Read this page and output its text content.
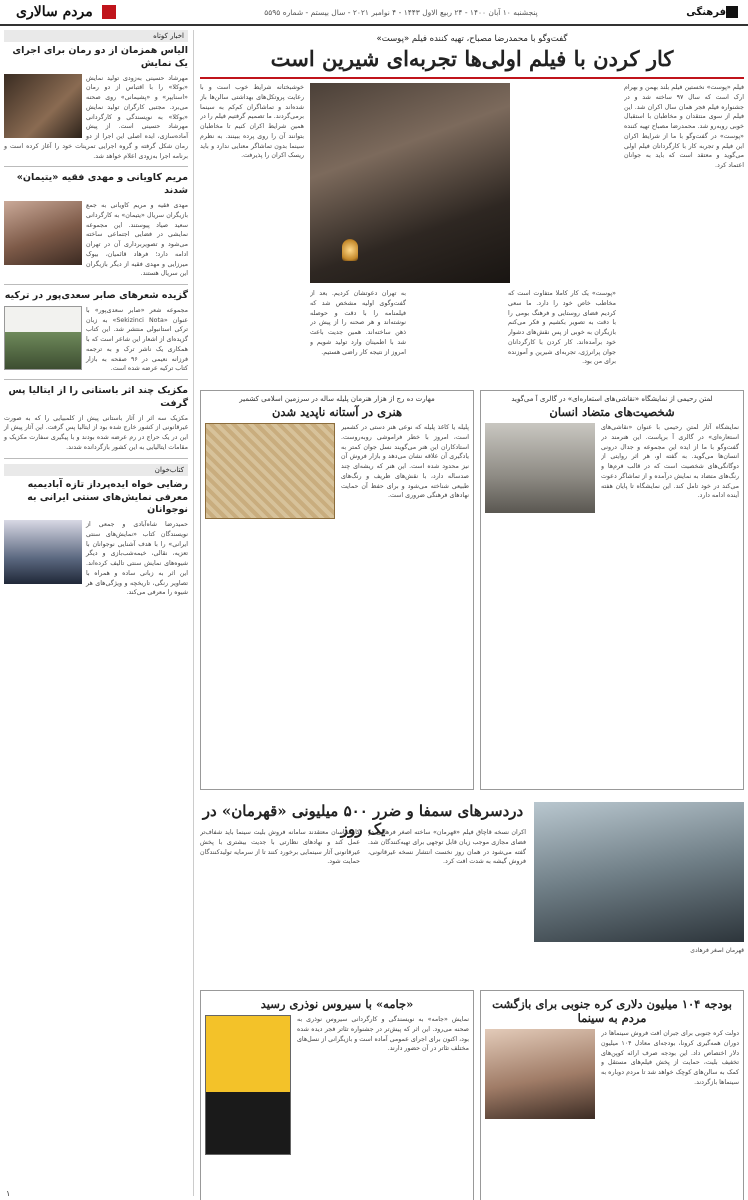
فرهنگی
پنجشنبه ۱۰ آبان ۱۴۰۰ - ۲۴ ربیع الاول ۱۴۴۳ - ۴ نوامبر ۲۰۲۱ - سال بیستم - شماره ۵۵۹۵
مردم سالاری
اخبار کوتاه
الیاس همزمان از دو رمان برای اجرای یک نمایش
مهرشاد حسینی به‌زودی تولید نمایش «بوکلا» را با اقتباس از دو رمان «اسنایپر» و «پشیمانی» روی صحنه می‌برد. مجتبی کارگران تولید نمایش «بوکلا» به نویسندگی و کارگردانی مهرشاد حسینی است. از پیش آماده‌سازی، ایده اصلی این اجرا از دو رمان شکل گرفته و گروه اجرایی تمرینات خود را آغاز کرده است و برنامه اجرا به‌زودی اعلام خواهد شد.
مریم کاویانی و مهدی فقیه «یتیمان» شدند
مهدی فقیه و مریم کاویانی به جمع بازیگران سریال «یتیمان» به کارگردانی سعید صیاد پیوستند. این مجموعه نمایشی در فضایی اجتماعی ساخته می‌شود و تصویربرداری آن در تهران ادامه دارد؛ فرهاد قائمیان، بیوک میرزایی و مهدی فقیه از دیگر بازیگران این سریال هستند.
گزیده شعرهای صابر سعدی‌پور در ترکیه
مجموعه شعر «صابر سعدی‌پور» با عنوان «Sekizinci Nota» به زبان ترکی استانبولی منتشر شد. این کتاب گزیده‌ای از اشعار این شاعر است که با همکاری یک ناشر ترک و به ترجمه فرزانه نعیمی در ۹۶ صفحه به بازار کتاب ترکیه عرضه شده است.
مکزیک چند اثر باستانی را از ایتالیا پس گرفت
مکزیک سه اثر از آثار باستانی پیش از کلمبیایی را که به صورت غیرقانونی از کشور خارج شده بود از ایتالیا پس گرفت. این آثار پیش از این در یک حراج در رم عرضه شده بودند و با پیگیری سفارت مکزیک و مقامات ایتالیایی به این کشور بازگردانده شدند.
کتاب‌خوان
رضایی خواه ایده‌پرداز تازه آبادیمیه معرفی نمایش‌های سنتی ایرانی به نوجوانان
حمیدرضا شاه‌آبادی و جمعی از نویسندگان کتاب «نمایش‌های سنتی ایرانی» را با هدف آشنایی نوجوانان با تعزیه، نقالی، خیمه‌شب‌بازی و دیگر شیوه‌های نمایش سنتی تالیف کرده‌اند. این اثر به زبانی ساده و همراه با تصاویر رنگی، تاریخچه و ویژگی‌های هر شیوه را معرفی می‌کند.
گفت‌وگو با محمدرضا مصباح، تهیه کننده فیلم «پوست»
کار کردن با فیلم اولی‌ها تجربه‌ای شیرین است
فیلم «پوست» نخستین فیلم بلند بهمن و بهرام ارک است که سال ۹۷ ساخته شد و در جشنواره فیلم فجر همان سال اکران شد. این فیلم از سوی منتقدان و مخاطبان با استقبال خوبی روبه‌رو شد. محمدرضا مصباح تهیه کننده «پوست» در گفت‌وگو با ما از شرایط اکران این فیلم و تجربه کار با کارگردانان فیلم اولی می‌گوید و معتقد است که باید به جوانان اعتماد کرد.
خوشبختانه شرایط خوب است و با رعایت پروتکل‌های بهداشتی سالن‌ها باز شده‌اند و تماشاگران کم‌کم به سینما برمی‌گردند. ما تصمیم گرفتیم فیلم را در همین شرایط اکران کنیم تا مخاطبان بتوانند آن را روی پرده ببینند. به نظرم سینما بدون تماشاگر معنایی ندارد و باید ریسک اکران را پذیرفت.
«پوست» یک کار کاملا متفاوت است که مخاطب خاص خود را دارد. ما سعی کردیم فضای روستایی و فرهنگ بومی را با دقت به تصویر بکشیم و فکر می‌کنم بازیگران به خوبی از پس نقش‌های دشوار خود برآمده‌اند. کار کردن با کارگردانان جوان پرانرژی، تجربه‌ای شیرین و آموزنده برای من بود.
به تهران دعوتشان کردیم. بعد از گفت‌وگوی اولیه مشخص شد که فیلمنامه را با دقت و حوصله نوشته‌اند و هر صحنه را از پیش در ذهن ساخته‌اند. همین جدیت باعث شد با اطمینان وارد تولید شویم و امروز از نتیجه کار راضی هستیم.
لمتن رحیمی از نمایشگاه «نقاشی‌های استعاره‌ای» در گالری آ می‌گوید
شخصیت‌های متضاد انسان
نمایشگاه آثار لمتن رحیمی با عنوان «نقاشی‌های استعاره‌ای» در گالری آ برپاست. این هنرمند در گفت‌وگو با ما از ایده این مجموعه و جدال درونی انسان‌ها می‌گوید. به گفته او، هر اثر روایتی از دوگانگی‌های شخصیت است که در قالب فرم‌ها و رنگ‌های متضاد به نمایش درآمده و از تماشاگر دعوت می‌کند در خود تامل کند. این نمایشگاه تا پایان هفته آینده ادامه دارد.
مهارت ده رج از هزار هنرمان پلیله ساله در سرزمین اسلامی کشمیر
هنری در آستانه ناپدید شدن
پلیله یا کاغذ پلیله که نوعی هنر دستی در کشمیر است، امروز با خطر فراموشی روبه‌روست. استادکاران این هنر می‌گویند نسل جوان کمتر به یادگیری آن علاقه نشان می‌دهد و بازار فروش آن نیز محدود شده است. این هنر که ریشه‌ای چند صدساله دارد، با نقش‌های ظریف و رنگ‌های طبیعی شناخته می‌شود و برای حفظ آن حمایت نهادهای فرهنگی ضروری است.
قهرمان اصغر فرهادی
دردسرهای سمفا و ضرر ۵۰۰ میلیونی «قهرمان» در یک روز
اکران نسخه قاچاق فیلم «قهرمان» ساخته اصغر فرهادی در فضای مجازی موجب زیان قابل توجهی برای تهیه‌کنندگان شد. گفته می‌شود در همان روز نخست انتشار نسخه غیرقانونی، فروش گیشه به شدت افت کرد.
کارشناسان معتقدند سامانه فروش بلیت سینما باید شفاف‌تر عمل کند و نهادهای نظارتی با جدیت بیشتری با پخش غیرقانونی آثار سینمایی برخورد کنند تا از سرمایه تولیدکنندگان حمایت شود.
«جامه» با سیروس نوذری رسید
نمایش «جامه» به نویسندگی و کارگردانی سیروس نوذری به صحنه می‌رود. این اثر که پیش‌تر در جشنواره تئاتر فجر دیده شده بود، اکنون برای اجرای عمومی آماده است و بازیگرانی از نسل‌های مختلف تئاتر در آن حضور دارند.
بودجه ۱۰۴ میلیون دلاری کره جنوبی برای بازگشت مردم به سینما
دولت کره جنوبی برای جبران افت فروش سینماها در دوران همه‌گیری کرونا، بودجه‌ای معادل ۱۰۴ میلیون دلار اختصاص داد. این بودجه صرف ارائه کوپن‌های تخفیف بلیت، حمایت از پخش فیلم‌های مستقل و کمک به سالن‌های کوچک خواهد شد تا مردم دوباره به سینماها بازگردند.
۱
